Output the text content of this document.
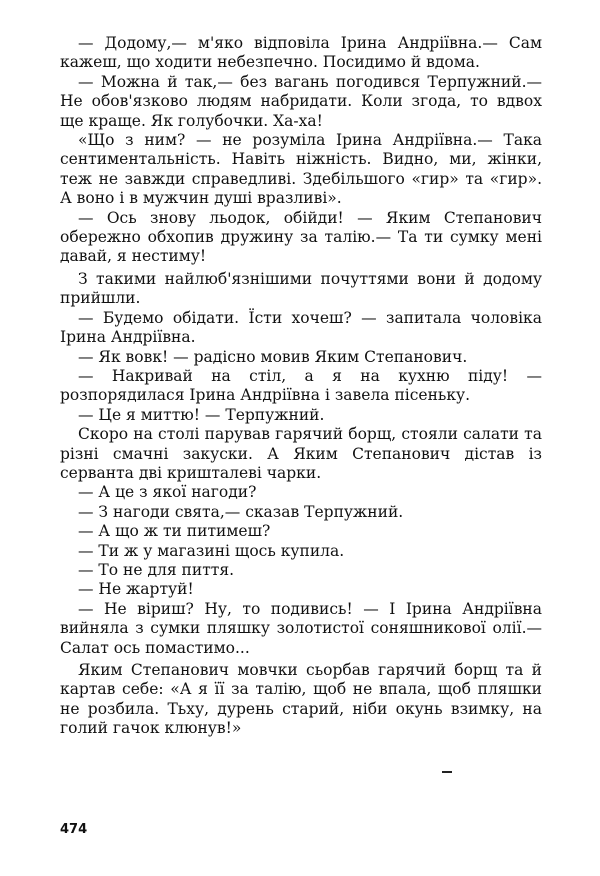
— Додому,— м'яко відповіла Ірина Андріївна.— Сам кажеш, що ходити небезпечно. Посидимо й вдома.

— Можна й так,— без вагань погодився Терпужний.—Не обов'язково людям набридати. Коли згода, то вдвох ще краще. Як голубочки. Ха-ха!

«Що з ним? — не розуміла Ірина Андріївна.— Така сентиментальність. Навіть ніжність. Видно, ми, жінки, теж не завжди справедливі. Здебільшого «гир» та «гир». А воно і в мужчин душі вразливі».

— Ось знову льодок, обійди! — Яким Степанович обережно обхопив дружину за талію.— Та ти сумку мені давай, я нестиму!

З такими найлюб'язнішими почуттями вони й додому прийшли.

— Будемо обідати. Їсти хочеш? — запитала чоловіка Ірина Андріївна.

— Як вовк! — радісно мовив Яким Степанович.

— Накривай на стіл, а я на кухню піду! — розпорядилася Ірина Андріївна і завела пісеньку.

— Це я миттю! — Терпужний.

Скоро на столі парував гарячий борщ, стояли салати та різні смачні закуски. А Яким Степанович дістав із серванта дві кришталеві чарки.

— А це з якої нагоди?

— З нагоди свята,— сказав Терпужний.

— А що ж ти питимеш?

— Ти ж у магазині щось купила.

— То не для пиття.

— Не жартуй!

— Не віриш? Ну, то подивись! — І Ірина Андріївна вийняла з сумки пляшку золотистої соняшникової олії.— Салат ось помастимо...

Яким Степанович мовчки сьорбав гарячий борщ та й картав себе: «А я її за талію, щоб не впала, щоб пляшки не розбила. Тьху, дурень старий, ніби окунь взимку, на голий гачок клюнув!»

474
